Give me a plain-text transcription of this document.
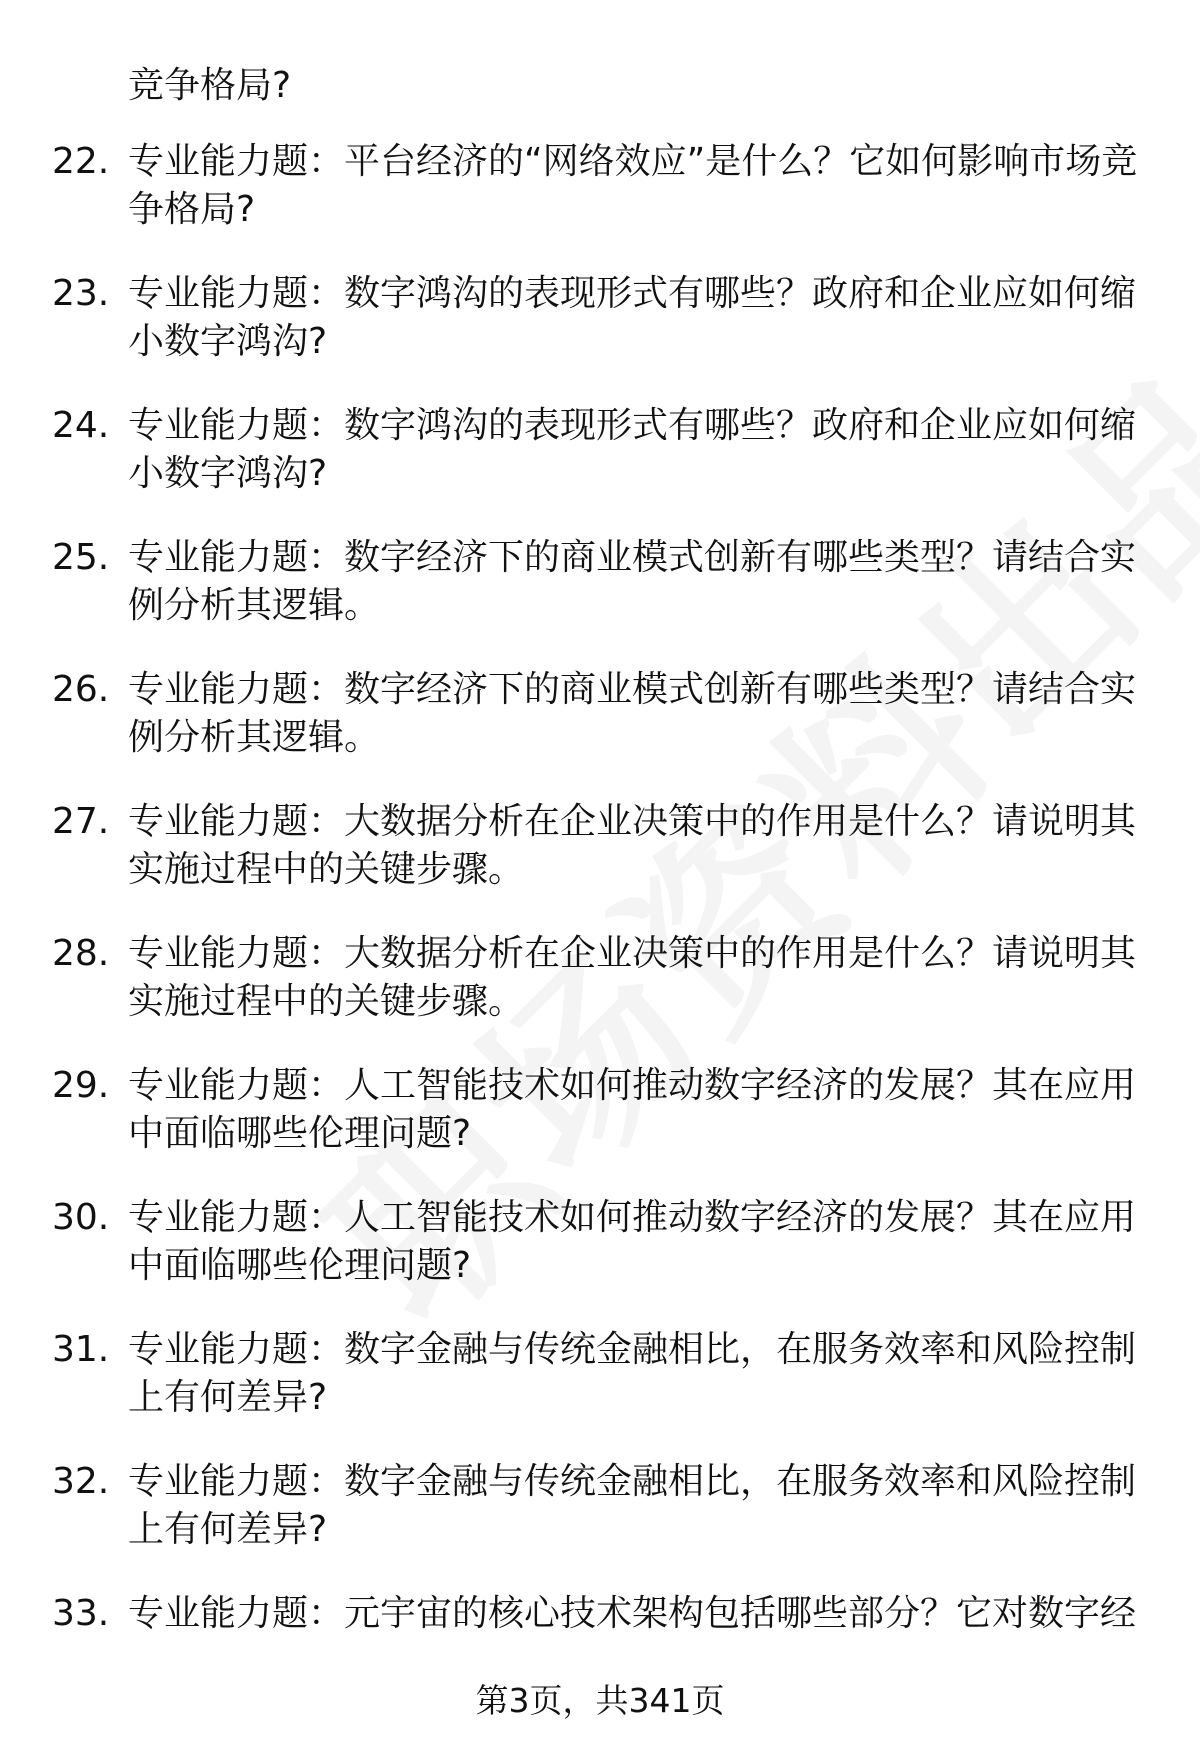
竞争格局?
22. 专业能力题：平台经济的“网络效应”是什么？它如何影响市场竞争格局?
23. 专业能力题：数字鸿沟的表现形式有哪些？政府和企业应如何缩小数字鸿沟?
24. 专业能力题：数字鸿沟的表现形式有哪些？政府和企业应如何缩小数字鸿沟?
25. 专业能力题：数字经济下的商业模式创新有哪些类型？请结合实例分析其逻辑。
26. 专业能力题：数字经济下的商业模式创新有哪些类型？请结合实例分析其逻辑。
27. 专业能力题：大数据分析在企业决策中的作用是什么？请说明其实施过程中的关键步骤。
28. 专业能力题：大数据分析在企业决策中的作用是什么？请说明其实施过程中的关键步骤。
29. 专业能力题：人工智能技术如何推动数字经济的发展？其在应用中面临哪些伦理问题?
30. 专业能力题：人工智能技术如何推动数字经济的发展？其在应用中面临哪些伦理问题?
31. 专业能力题：数字金融与传统金融相比，在服务效率和风险控制上有何差异?
32. 专业能力题：数字金融与传统金融相比，在服务效率和风险控制上有何差异?
33. 专业能力题：元宇宙的核心技术架构包括哪些部分？它对数字经
第3页，共341页
